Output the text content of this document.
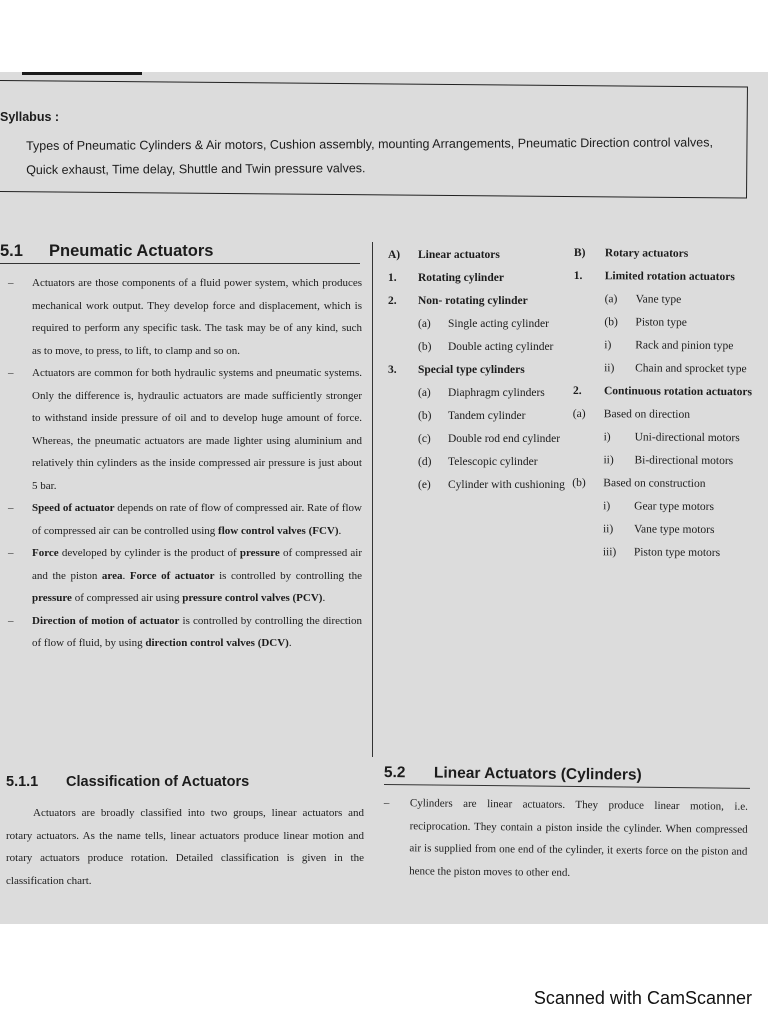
Syllabus :
Types of Pneumatic Cylinders & Air motors, Cushion assembly, mounting Arrangements, Pneumatic Direction control valves, Quick exhaust, Time delay, Shuttle and Twin pressure valves.
5.1 Pneumatic Actuators
– Actuators are those components of a fluid power system, which produces mechanical work output. They develop force and displacement, which is required to perform any specific task. The task may be of any kind, such as to move, to press, to lift, to clamp and so on.
– Actuators are common for both hydraulic systems and pneumatic systems. Only the difference is, hydraulic actuators are made sufficiently stronger to withstand inside pressure of oil and to develop huge amount of force. Whereas, the pneumatic actuators are made lighter using aluminium and relatively thin cylinders as the inside compressed air pressure is just about 5 bar.
– Speed of actuator depends on rate of flow of compressed air. Rate of flow of compressed air can be controlled using flow control valves (FCV).
– Force developed by cylinder is the product of pressure of compressed air and the piston area. Force of actuator is controlled by controlling the pressure of compressed air using pressure control valves (PCV).
– Direction of motion of actuator is controlled by controlling the direction of flow of fluid, by using direction control valves (DCV).
5.1.1 Classification of Actuators
Actuators are broadly classified into two groups, linear actuators and rotary actuators. As the name tells, linear actuators produce linear motion and rotary actuators produce rotation. Detailed classification is given in the classification chart.
A) Linear actuators
1. Rotating cylinder
2. Non- rotating cylinder
(a) Single acting cylinder
(b) Double acting cylinder
3. Special type cylinders
(a) Diaphragm cylinders
(b) Tandem cylinder
(c) Double rod end cylinder
(d) Telescopic cylinder
(e) Cylinder with cushioning
B) Rotary actuators
1. Limited rotation actuators
(a) Vane type
(b) Piston type
i) Rack and pinion type
ii) Chain and sprocket type
2. Continuous rotation actuators
(a) Based on direction
i) Uni-directional motors
ii) Bi-directional motors
(b) Based on construction
i) Gear type motors
ii) Vane type motors
iii) Piston type motors
5.2 Linear Actuators (Cylinders)
– Cylinders are linear actuators. They produce linear motion, i.e. reciprocation. They contain a piston inside the cylinder. When compressed air is supplied from one end of the cylinder, it exerts force on the piston and hence the piston moves to other end.
Scanned with CamScanner
